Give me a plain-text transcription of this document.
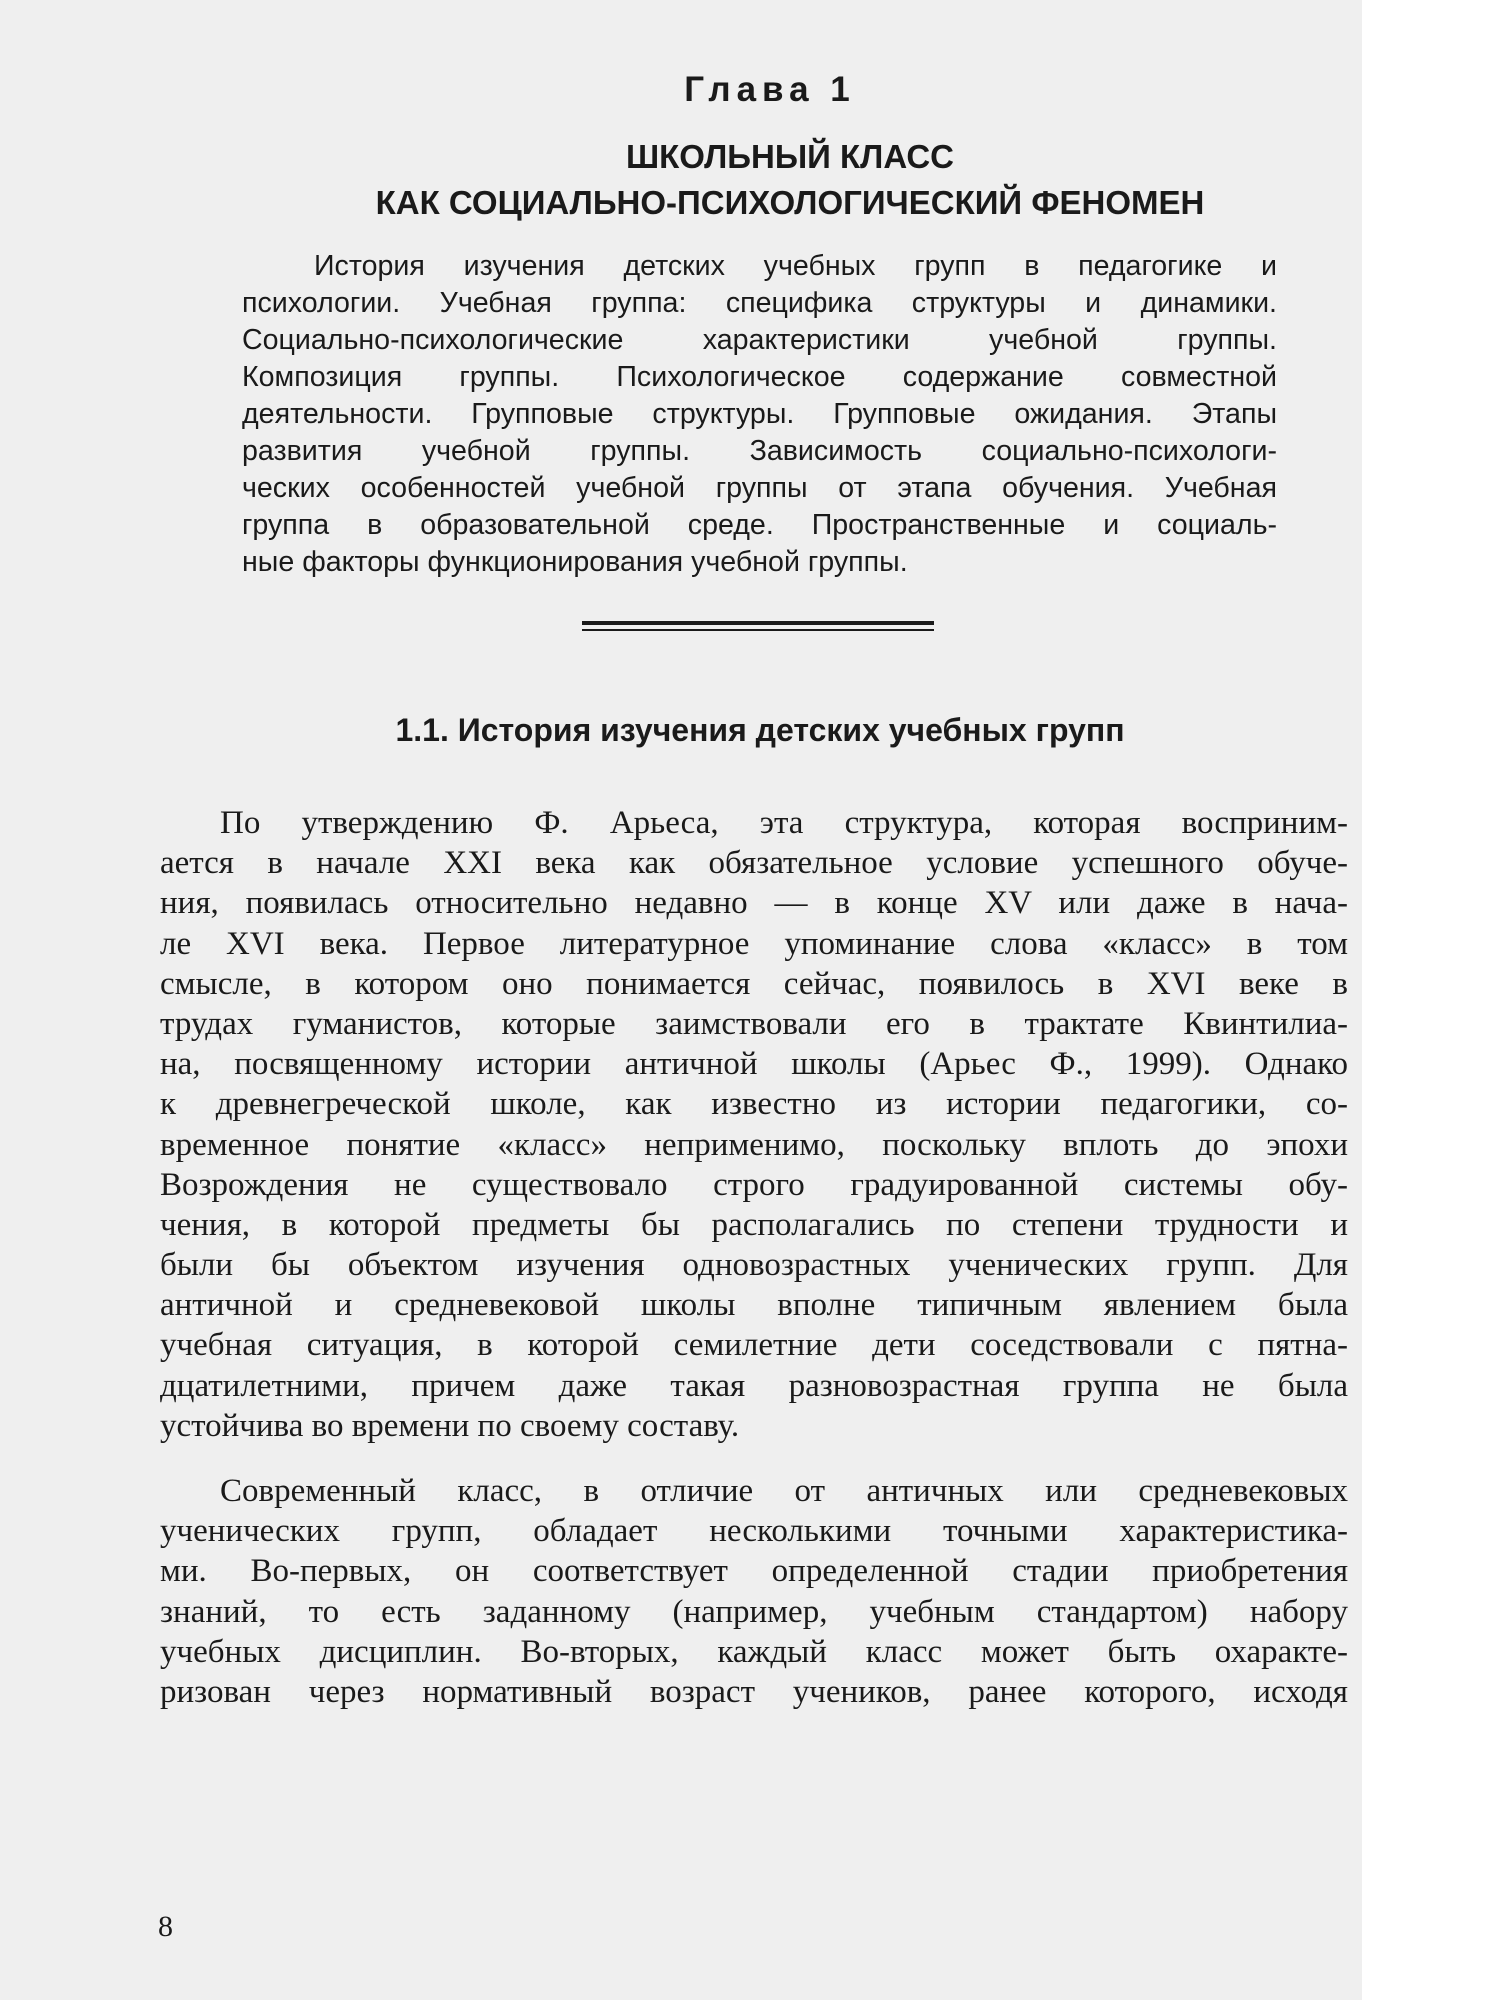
Глава 1
ШКОЛЬНЫЙ КЛАСС
КАК СОЦИАЛЬНО-ПСИХОЛОГИЧЕСКИЙ ФЕНОМЕН
История изучения детских учебных групп в педагогике и
психологии. Учебная группа: специфика структуры и динамики.
Социально-психологические характеристики учебной группы.
Композиция группы. Психологическое содержание совместной
деятельности. Групповые структуры. Групповые ожидания. Этапы
развития учебной группы. Зависимость социально-психологи-
ческих особенностей учебной группы от этапа обучения. Учебная
группа в образовательной среде. Пространственные и социаль-
ные факторы функционирования учебной группы.
1.1. История изучения детских учебных групп
По утверждению Ф. Арьеса, эта структура, которая восприним-
ается в начале XXI века как обязательное условие успешного обуче-
ния, появилась относительно недавно — в конце XV или даже в нача-
ле XVI века. Первое литературное упоминание слова «класс» в том
смысле, в котором оно понимается сейчас, появилось в XVI веке в
трудах гуманистов, которые заимствовали его в трактате Квинтилиа-
на, посвященному истории античной школы (Арьес Ф., 1999). Однако
к древнегреческой школе, как известно из истории педагогики, со-
временное понятие «класс» неприменимо, поскольку вплоть до эпохи
Возрождения не существовало строго градуированной системы обу-
чения, в которой предметы бы располагались по степени трудности и
были бы объектом изучения одновозрастных ученических групп. Для
античной и средневековой школы вполне типичным явлением была
учебная ситуация, в которой семилетние дети соседствовали с пятна-
дцатилетними, причем даже такая разновозрастная группа не была
устойчива во времени по своему составу.
Современный класс, в отличие от античных или средневековых
ученических групп, обладает несколькими точными характеристика-
ми. Во-первых, он соответствует определенной стадии приобретения
знаний, то есть заданному (например, учебным стандартом) набору
учебных дисциплин. Во-вторых, каждый класс может быть охаракте-
ризован через нормативный возраст учеников, ранее которого, исходя
8
